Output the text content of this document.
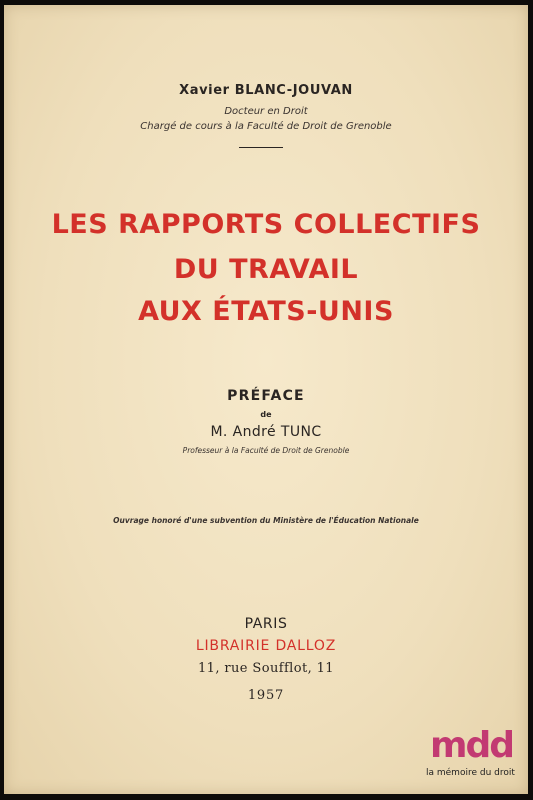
Xavier BLANC-JOUVAN
Docteur en Droit
Chargé de cours à la Faculté de Droit de Grenoble
LES RAPPORTS COLLECTIFS
DU TRAVAIL
AUX ÉTATS-UNIS
PRÉFACE
de
M. André TUNC
Professeur à la Faculté de Droit de Grenoble
Ouvrage honoré d'une subvention du Ministère de l'Éducation Nationale
PARIS
LIBRAIRIE DALLOZ
11, rue Soufflot, 11
1957
mdd
la mémoire du droit
